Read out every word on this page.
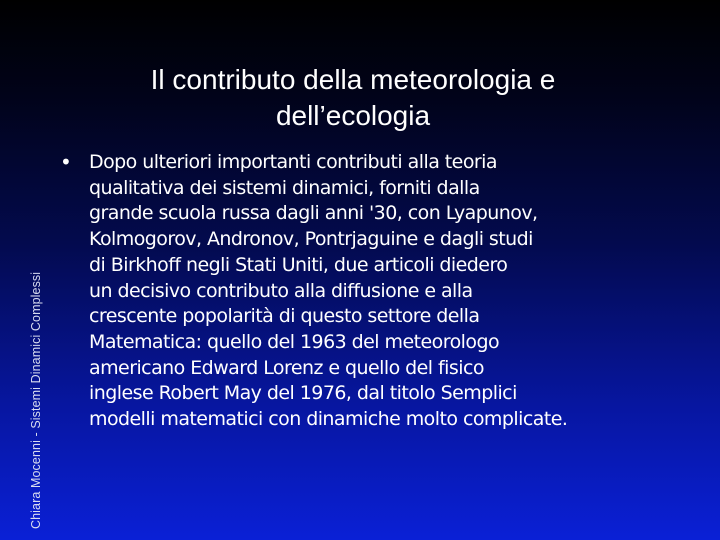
Chiara Mocenni - Sistemi Dinamici Complessi
Il contributo della meteorologia e
dell’ecologia
• Dopo ulteriori importanti contributi alla teoria
qualitativa dei sistemi dinamici, forniti dalla
grande scuola russa dagli anni '30, con Lyapunov,
Kolmogorov, Andronov, Pontrjaguine e dagli studi
di Birkhoff negli Stati Uniti, due articoli diedero
un decisivo contributo alla diffusione e alla
crescente popolarità di questo settore della
Matematica: quello del 1963 del meteorologo
americano Edward Lorenz e quello del fisico
inglese Robert May del 1976, dal titolo Semplici
modelli matematici con dinamiche molto complicate.
